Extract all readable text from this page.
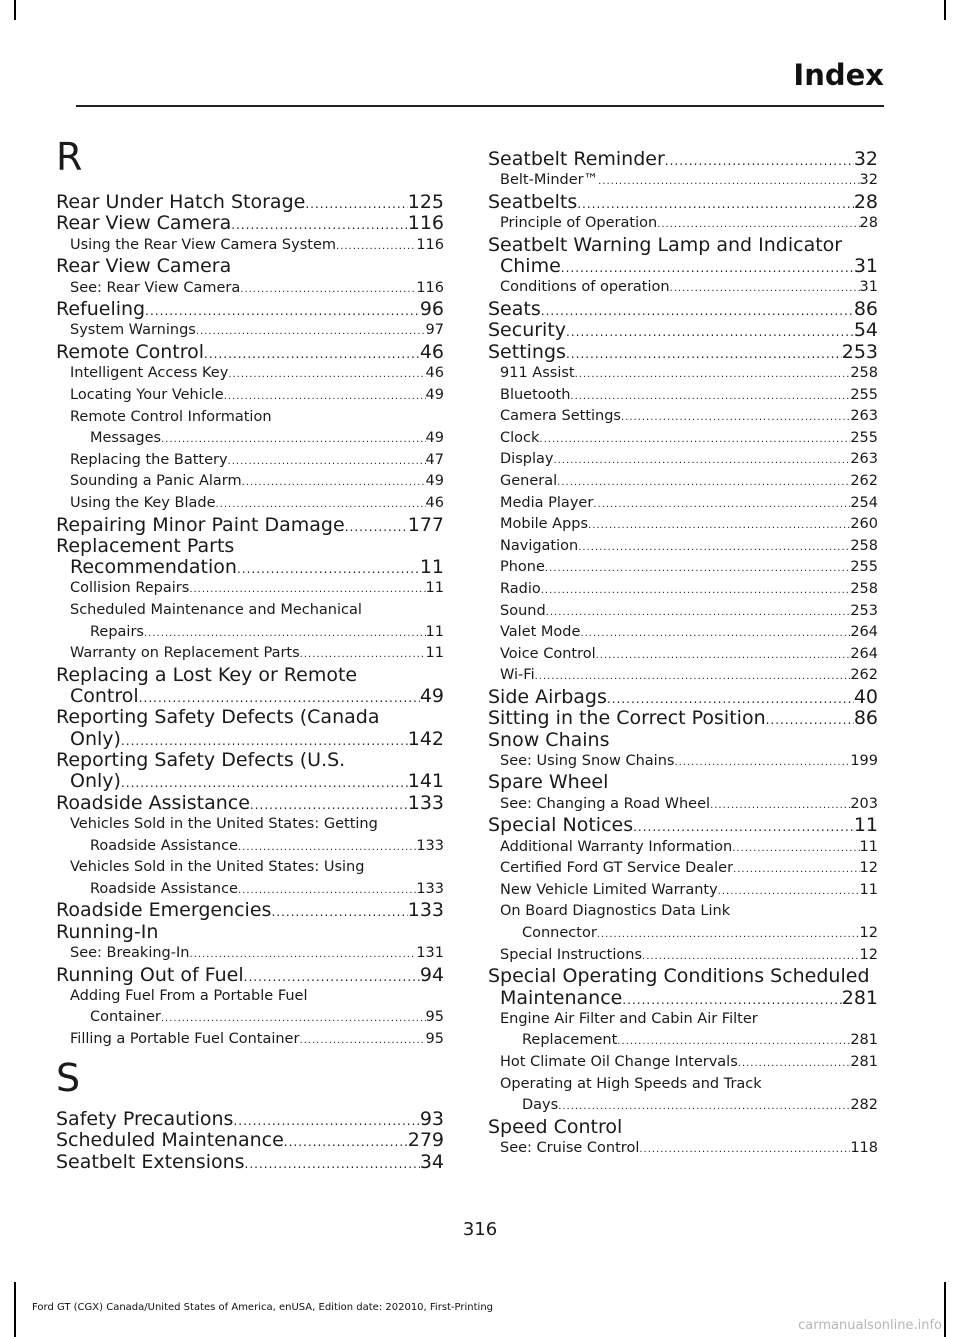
Index
R
Rear Under Hatch Storage .....	125
Rear View Camera .....	116
Using the Rear View Camera System .....	116
Rear View Camera
See: Rear View Camera .....	116
Refueling .....	96
System Warnings .....	97
Remote Control .....	46
Intelligent Access Key .....	46
Locating Your Vehicle .....	49
Remote Control Information
Messages .....	49
Replacing the Battery .....	47
Sounding a Panic Alarm .....	49
Using the Key Blade .....	46
Repairing Minor Paint Damage .....	177
Replacement Parts
Recommendation .....	11
Collision Repairs .....	11
Scheduled Maintenance and Mechanical
Repairs .....	11
Warranty on Replacement Parts .....	11
Replacing a Lost Key or Remote
Control .....	49
Reporting Safety Defects (Canada
Only) .....	142
Reporting Safety Defects (U.S.
Only) .....	141
Roadside Assistance .....	133
Vehicles Sold in the United States: Getting
Roadside Assistance .....	133
Vehicles Sold in the United States: Using
Roadside Assistance .....	133
Roadside Emergencies .....	133
Running-In
See: Breaking-In .....	131
Running Out of Fuel .....	94
Adding Fuel From a Portable Fuel
Container .....	95
Filling a Portable Fuel Container .....	95
S
Safety Precautions .....	93
Scheduled Maintenance .....	279
Seatbelt Extensions .....	34
Seatbelt Reminder .....	32
Belt-Minder™ .....	32
Seatbelts .....	28
Principle of Operation .....	28
Seatbelt Warning Lamp and Indicator
Chime .....	31
Conditions of operation .....	31
Seats .....	86
Security .....	54
Settings .....	253
911 Assist .....	258
Bluetooth .....	255
Camera Settings .....	263
Clock .....	255
Display .....	263
General .....	262
Media Player .....	254
Mobile Apps .....	260
Navigation .....	258
Phone .....	255
Radio .....	258
Sound .....	253
Valet Mode .....	264
Voice Control .....	264
Wi-Fi .....	262
Side Airbags .....	40
Sitting in the Correct Position .....	86
Snow Chains
See: Using Snow Chains .....	199
Spare Wheel
See: Changing a Road Wheel .....	203
Special Notices .....	11
Additional Warranty Information .....	11
Certified Ford GT Service Dealer .....	12
New Vehicle Limited Warranty .....	11
On Board Diagnostics Data Link
Connector .....	12
Special Instructions .....	12
Special Operating Conditions Scheduled
Maintenance .....	281
Engine Air Filter and Cabin Air Filter
Replacement .....	281
Hot Climate Oil Change Intervals .....	281
Operating at High Speeds and Track
Days .....	282
Speed Control
See: Cruise Control .....	118
316
Ford GT (CGX) Canada/United States of America, enUSA, Edition date: 202010, First-Printing
carmanualsonline.info
